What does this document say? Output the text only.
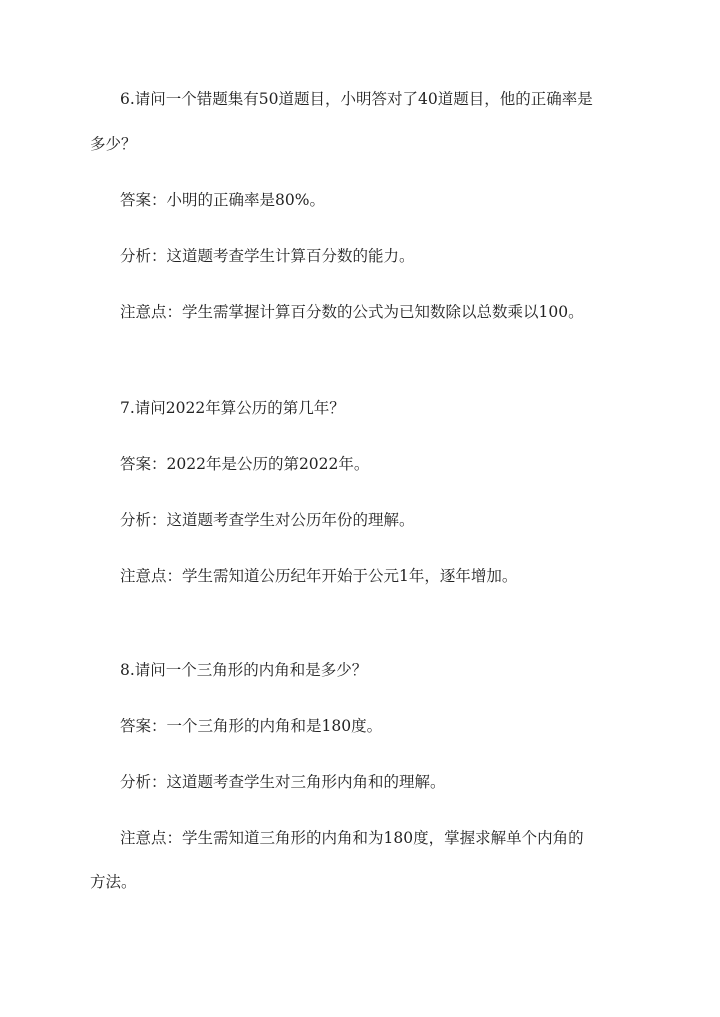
6.请问一个错题集有50道题目，小明答对了40道题目，他的正确率是
多少？
答案：小明的正确率是80%。
分析：这道题考查学生计算百分数的能力。
注意点：学生需掌握计算百分数的公式为已知数除以总数乘以100。
7.请问2022年算公历的第几年？
答案：2022年是公历的第2022年。
分析：这道题考查学生对公历年份的理解。
注意点：学生需知道公历纪年开始于公元1年，逐年增加。
8.请问一个三角形的内角和是多少？
答案：一个三角形的内角和是180度。
分析：这道题考查学生对三角形内角和的理解。
注意点：学生需知道三角形的内角和为180度，掌握求解单个内角的
方法。
